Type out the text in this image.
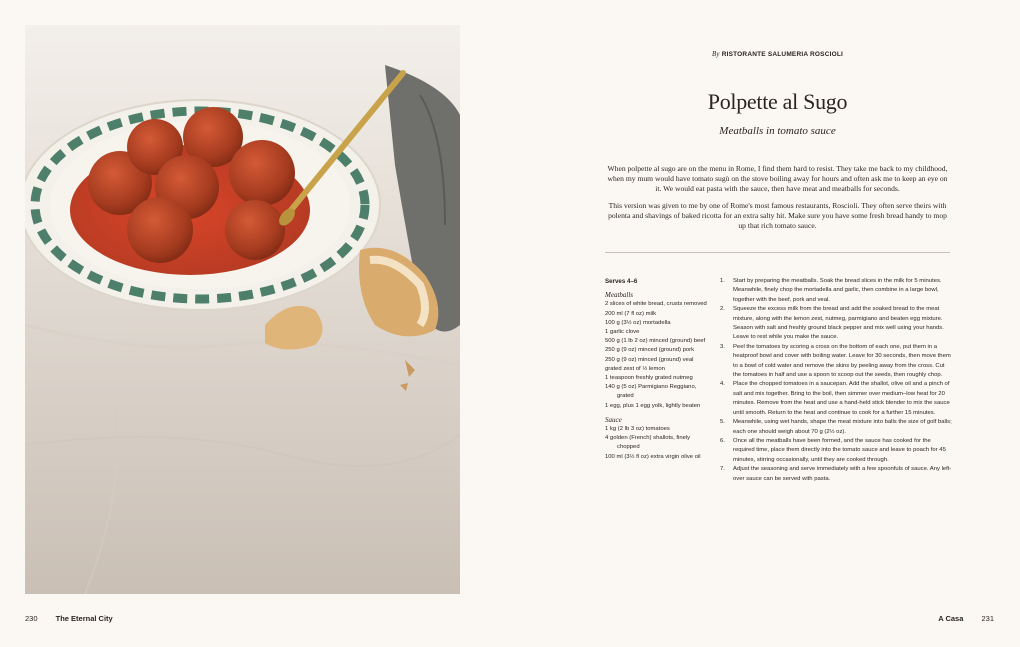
230 The Eternal City
By RISTORANTE SALUMERIA ROSCIOLI
Polpette al Sugo
Meatballs in tomato sauce

When polpette al sugo are on the menu in Rome, I find them hard to resist. They take me back to my childhood, when my mum would have tomato sugù on the stove boiling away for hours and often ask me to keep an eye on it. We would eat pasta with the sauce, then have meat and meatballs for seconds.

This version was given to me by one of Rome's most famous restaurants, Roscioli. They often serve theirs with polenta and shavings of baked ricotta for an extra salty hit. Make sure you have some fresh bread handy to mop up that rich tomato sauce.

Serves 4–6
Meatballs
2 slices of white bread, crusts removed
200 ml (7 fl oz) milk
100 g (3½ oz) mortadella
1 garlic clove
500 g (1 lb 2 oz) minced (ground) beef
250 g (9 oz) minced (ground) pork
250 g (9 oz) minced (ground) veal
grated zest of ½ lemon
1 teaspoon freshly grated nutmeg
140 g (5 oz) Parmigiano Reggiano, grated
1 egg, plus 1 egg yolk, lightly beaten
Sauce
1 kg (2 lb 3 oz) tomatoes
4 golden (French) shallots, finely chopped
100 ml (3½ fl oz) extra virgin olive oil
1.	Start by preparing the meatballs. Soak the bread slices in the milk for 5 minutes. Meanwhile, finely chop the mortadella and garlic, then combine in a large bowl, together with the beef, pork and veal.
2.	Squeeze the excess milk from the bread and add the soaked bread to the meat mixture, along with the lemon zest, nutmeg, parmigiano and beaten egg mixture. Season with salt and freshly ground black pepper and mix well using your hands. Leave to rest while you make the sauce.
3.	Peel the tomatoes by scoring a cross on the bottom of each one, put them in a heatproof bowl and cover with boiling water. Leave for 30 seconds, then move them to a bowl of cold water and remove the skins by peeling away from the cross. Cut the tomatoes in half and use a spoon to scoop out the seeds, then roughly chop.
4.	Place the chopped tomatoes in a saucepan. Add the shallot, olive oil and a pinch of salt and mix together. Bring to the boil, then simmer over medium–low heat for 20 minutes. Remove from the heat and use a hand-held stick blender to mix the sauce until smooth. Return to the heat and continue to cook for a further 15 minutes.
5.	Meanwhile, using wet hands, shape the meat mixture into balls the size of golf balls; each one should weigh about 70 g (2½ oz).
6.	Once all the meatballs have been formed, and the sauce has cooked for the required time, place them directly into the tomato sauce and leave to poach for 45 minutes, stirring occasionally, until they are cooked through.
7.	Adjust the seasoning and serve immediately with a few spoonfuls of sauce. Any left-over sauce can be served with pasta.
A Casa 231
